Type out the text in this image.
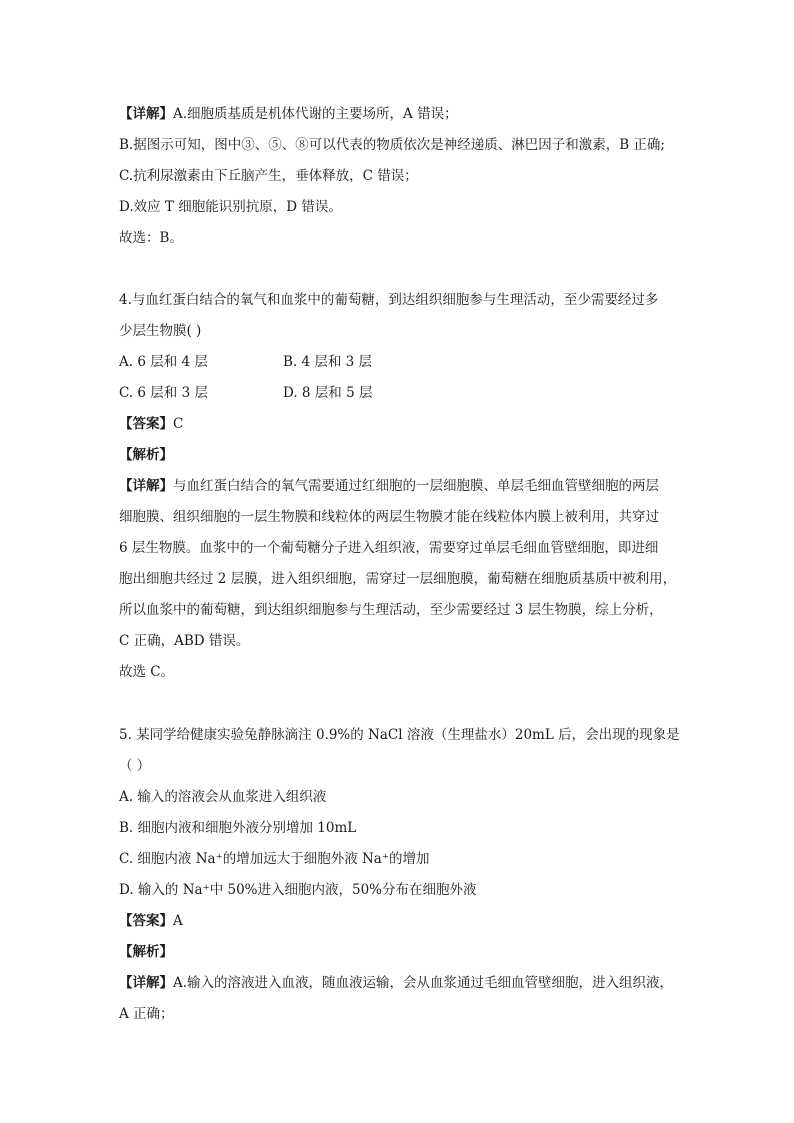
【详解】A.细胞质基质是机体代谢的主要场所，A 错误；
B.据图示可知，图中③、⑤、⑧可以代表的物质依次是神经递质、淋巴因子和激素，B 正确;
C.抗利尿激素由下丘脑产生，垂体释放，C 错误；
D.效应 T 细胞能识别抗原，D 错误。
故选：B。
4.与血红蛋白结合的氧气和血浆中的葡萄糖，到达组织细胞参与生理活动，至少需要经过多
少层生物膜( )
A. 6 层和 4 层	B. 4 层和 3 层
C. 6 层和 3 层	D. 8 层和 5 层
【答案】C
【解析】
【详解】与血红蛋白结合的氧气需要通过红细胞的一层细胞膜、单层毛细血管壁细胞的两层
细胞膜、组织细胞的一层生物膜和线粒体的两层生物膜才能在线粒体内膜上被利用，共穿过
6 层生物膜。血浆中的一个葡萄糖分子进入组织液，需要穿过单层毛细血管壁细胞，即进细
胞出细胞共经过 2 层膜，进入组织细胞，需穿过一层细胞膜，葡萄糖在细胞质基质中被利用，
所以血浆中的葡萄糖，到达组织细胞参与生理活动，至少需要经过 3 层生物膜，综上分析，
C 正确，ABD 错误。
故选 C。
5. 某同学给健康实验兔静脉滴注 0.9%的 NaCl 溶液（生理盐水）20mL 后，会出现的现象是
（ ）
A. 输入的溶液会从血浆进入组织液
B. 细胞内液和细胞外液分别增加 10mL
C. 细胞内液 Na⁺的增加远大于细胞外液 Na⁺的增加
D. 输入的 Na⁺中 50%进入细胞内液，50%分布在细胞外液
【答案】A
【解析】
【详解】A.输入的溶液进入血液，随血液运输，会从血浆通过毛细血管壁细胞，进入组织液，
A 正确；
